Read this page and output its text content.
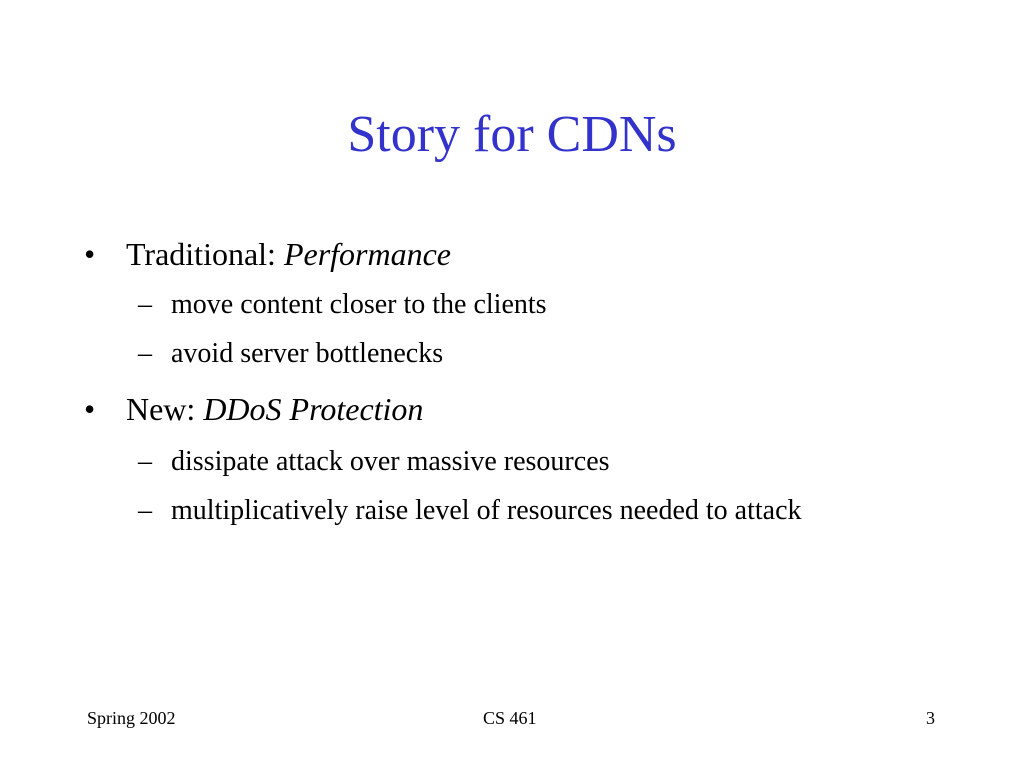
Story for CDNs
• Traditional: Performance
– move content closer to the clients
– avoid server bottlenecks
• New: DDoS Protection
– dissipate attack over massive resources
– multiplicatively raise level of resources needed to attack
Spring 2002	CS 461	3
